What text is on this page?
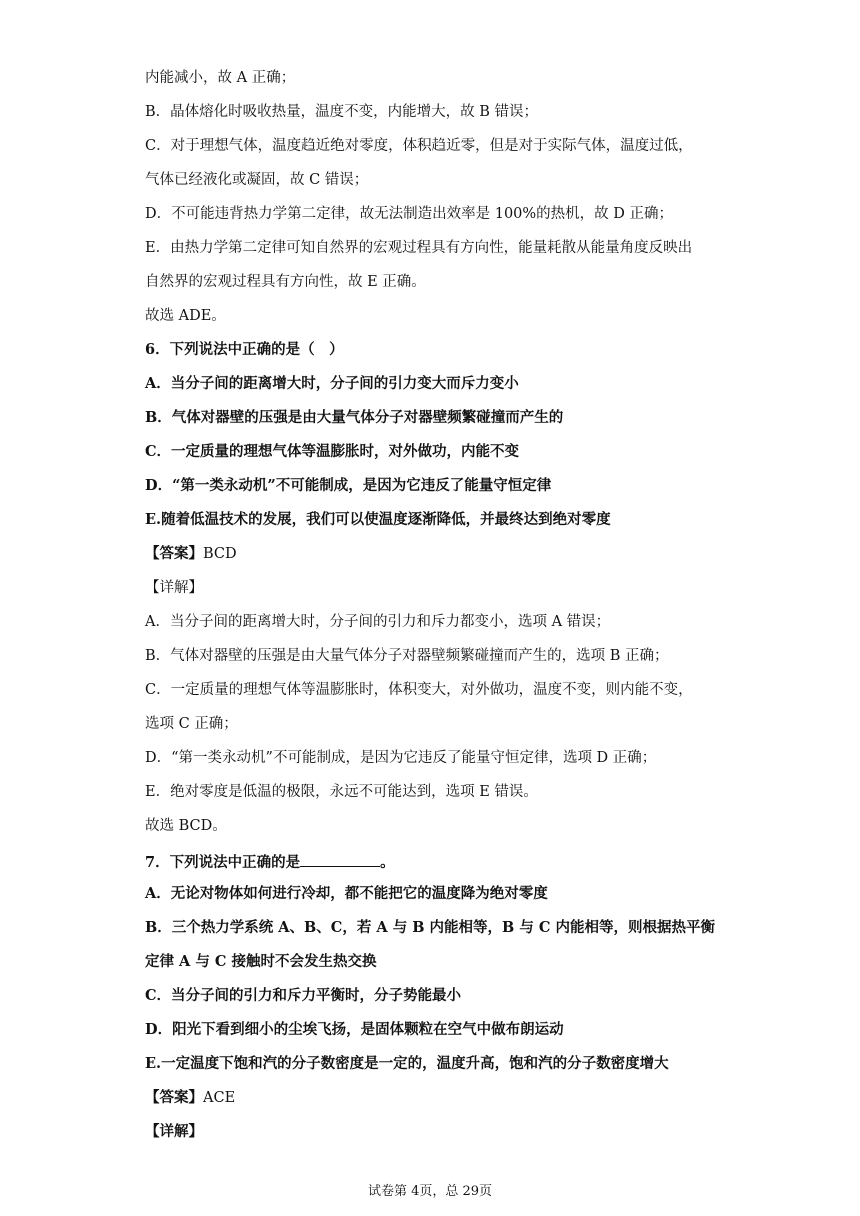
内能减小，故 A 正确；
B．晶体熔化时吸收热量，温度不变，内能增大，故 B 错误；
C．对于理想气体，温度趋近绝对零度，体积趋近零，但是对于实际气体，温度过低，
气体已经液化或凝固，故 C 错误；
D．不可能违背热力学第二定律，故无法制造出效率是 100%的热机，故 D 正确；
E．由热力学第二定律可知自然界的宏观过程具有方向性，能量耗散从能量角度反映出
自然界的宏观过程具有方向性，故 E 正确。
故选 ADE。
6．下列说法中正确的是（　）
A．当分子间的距离增大时，分子间的引力变大而斥力变小
B．气体对器壁的压强是由大量气体分子对器壁频繁碰撞而产生的
C．一定质量的理想气体等温膨胀时，对外做功，内能不变
D．“第一类永动机”不可能制成，是因为它违反了能量守恒定律
E.随着低温技术的发展，我们可以使温度逐渐降低，并最终达到绝对零度
【答案】BCD
【详解】
A．当分子间的距离增大时，分子间的引力和斥力都变小，选项 A 错误；
B．气体对器壁的压强是由大量气体分子对器壁频繁碰撞而产生的，选项 B 正确；
C．一定质量的理想气体等温膨胀时，体积变大，对外做功，温度不变，则内能不变，
选项 C 正确；
D．“第一类永动机”不可能制成，是因为它违反了能量守恒定律，选项 D 正确；
E．绝对零度是低温的极限，永远不可能达到，选项 E 错误。
故选 BCD。
7．下列说法中正确的是	。
A．无论对物体如何进行冷却，都不能把它的温度降为绝对零度
B．三个热力学系统 A、B、C，若 A 与 B 内能相等，B 与 C 内能相等，则根据热平衡
定律 A 与 C 接触时不会发生热交换
C．当分子间的引力和斥力平衡时，分子势能最小
D．阳光下看到细小的尘埃飞扬，是固体颗粒在空气中做布朗运动
E.一定温度下饱和汽的分子数密度是一定的，温度升高，饱和汽的分子数密度增大
【答案】ACE
【详解】
试卷第 4页，总 29页
